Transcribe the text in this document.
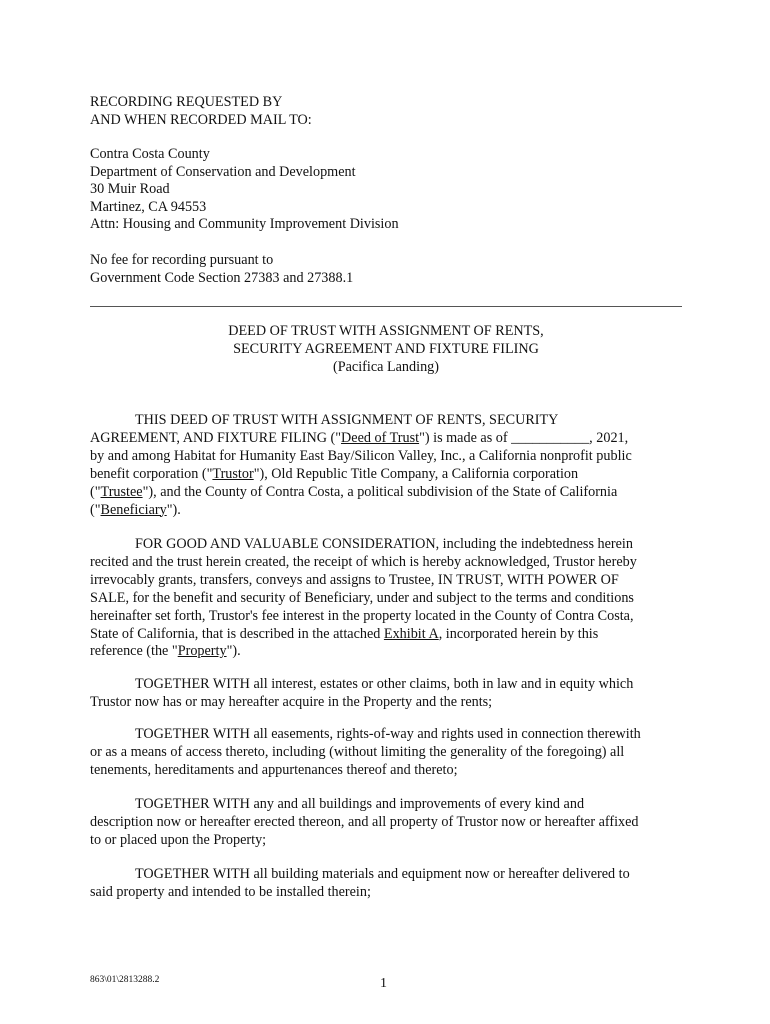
RECORDING REQUESTED BY
AND WHEN RECORDED MAIL TO:
Contra Costa County
Department of Conservation and Development
30 Muir Road
Martinez, CA 94553
Attn: Housing and Community Improvement Division
No fee for recording pursuant to
Government Code Section 27383 and 27388.1
DEED OF TRUST WITH ASSIGNMENT OF RENTS,
SECURITY AGREEMENT AND FIXTURE FILING
(Pacifica Landing)
THIS DEED OF TRUST WITH ASSIGNMENT OF RENTS, SECURITY
AGREEMENT, AND FIXTURE FILING ("Deed of Trust") is made as of ___________, 2021,
by and among Habitat for Humanity East Bay/Silicon Valley, Inc., a California nonprofit public
benefit corporation ("Trustor"), Old Republic Title Company, a California corporation
("Trustee"), and the County of Contra Costa, a political subdivision of the State of California
("Beneficiary").
FOR GOOD AND VALUABLE CONSIDERATION, including the indebtedness herein
recited and the trust herein created, the receipt of which is hereby acknowledged, Trustor hereby
irrevocably grants, transfers, conveys and assigns to Trustee, IN TRUST, WITH POWER OF
SALE, for the benefit and security of Beneficiary, under and subject to the terms and conditions
hereinafter set forth, Trustor's fee interest in the property located in the County of Contra Costa,
State of California, that is described in the attached Exhibit A, incorporated herein by this
reference (the "Property").
TOGETHER WITH all interest, estates or other claims, both in law and in equity which
Trustor now has or may hereafter acquire in the Property and the rents;
TOGETHER WITH all easements, rights-of-way and rights used in connection therewith
or as a means of access thereto, including (without limiting the generality of the foregoing) all
tenements, hereditaments and appurtenances thereof and thereto;
TOGETHER WITH any and all buildings and improvements of every kind and
description now or hereafter erected thereon, and all property of Trustor now or hereafter affixed
to or placed upon the Property;
TOGETHER WITH all building materials and equipment now or hereafter delivered to
said property and intended to be installed therein;
863\01\2813288.2	1
